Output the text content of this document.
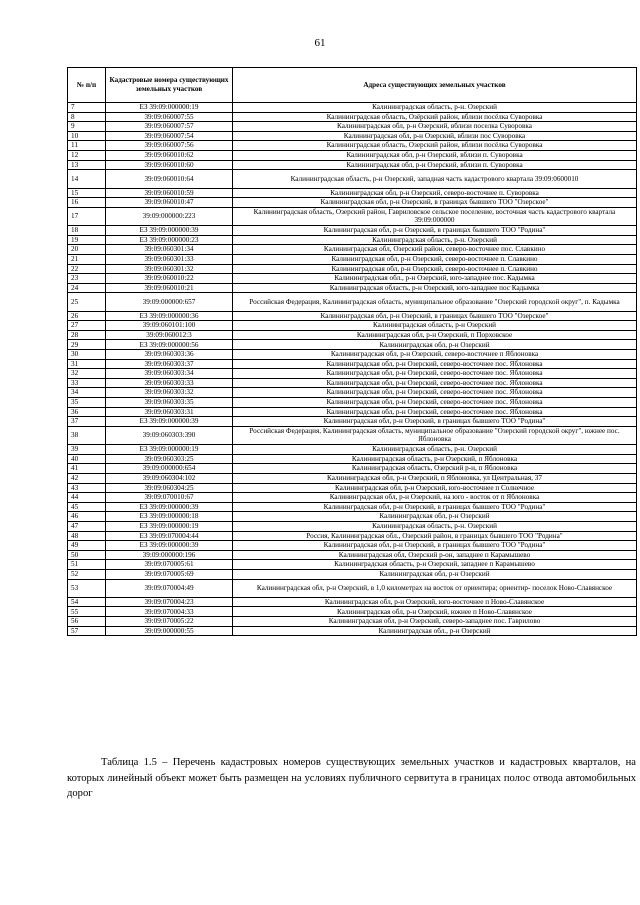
61
№ п/п	Кадастровые номера существующих земельных участков	Адреса существующих земельных участков
7	ЕЗ 39:09:000000:19	Калининградская область, р-н. Озерский
8	39:09:060007:55	Калининградская область, Озёрский район, вблизи посёлка Суворовка
9	39:09:060007:57	Калининградская обл, р-н Озерский, вблизи поселка Суворовка
10	39:09:060007:54	Калининградская обл, р-н Озерский, вблизи пос Суворовка
11	39:09:060007:56	Калининградская область, Озерский район, вблизи посёлка Суворовка
12	39:09:060010:62	Калининградская обл, р-н Озерский, вблизи п. Суворовка
13	39:09:060010:60	Калининградская обл, р-н Озерский, вблизи п. Суворовка
14	39:09:060010:64	Калининградская область, р-н Озерский, западная часть кадастрового квартала 39:09:0600010
15	39:09:060010:59	Калининградская обл, р-н Озерский, северо-восточнее п. Суворовка
16	39:09:060010:47	Калининградская обл, р-н Озерский, в границах бывшего ТОО "Озерское"
17	39:09:000000:223	Калининградская область, Озерский район, Гавриловское сельское поселение, восточная часть кадастрового квартала 39:09:000000
18	ЕЗ 39:09:000000:39	Калининградская обл, р-н Озерский, в границах бывшего ТОО "Родина"
19	ЕЗ 39:09:000000:23	Калининградская область, р-н. Озерский
20	39:09:060301:34	Калининградская обл, Озерский район, северо-восточнее пос. Славкино
21	39:09:060301:33	Калининградская обл, р-н Озерский, северо-восточнее п. Славкино
22	39:09:060301:32	Калининградская обл, р-н Озерский, северо-восточнее п. Славкино
23	39:09:060010:22	Калининградская обл., р-н Озерский, юго-западнее пос. Кадымка
24	39:09:060010:21	Калининградская область, р-н Озерский, юго-западнее пос Кадымка
25	39:09:000000:657	Российская Федерация, Калининградская область, муниципальное образование "Озерский городской округ", п. Кадымка
26	ЕЗ 39:09:000000:36	Калининградская обл, р-н Озерский, в границах бывшего ТОО "Озерское"
27	39:09:060101:100	Калининградская область, р-н Озерский
28	39:09:060012:3	Калининградская обл, р-н Озерский, п Порховское
29	ЕЗ 39:09:000000:56	Калининградская обл, р-н Озерский
30	39:09:060303:36	Калининградская обл, р-н Озерский, северо-восточнее п Яблоновка
31	39:09:060303:37	Калининградская обл, р-н Озерский, северо-восточнее пос. Яблоновка
32	39:09:060303:34	Калининградская обл, р-н Озерский, северо-восточнее пос. Яблоновка
33	39:09:060303:33	Калининградская обл, р-н Озерский, северо-восточнее пос. Яблоновка
34	39:09:060303:32	Калининградская обл, р-н Озерский, северо-восточнее пос. Яблоновка
35	39:09:060303:35	Калининградская обл, р-н Озерский, северо-восточнее пос. Яблоновка
36	39:09:060303:31	Калининградская обл, р-н Озерский, северо-восточнее пос. Яблоновка
37	ЕЗ 39:09:000000:39	Калининградская обл, р-н Озерский, в границах бывшего ТОО "Родина"
38	39:09:060303:390	Российская Федерация, Калининградская область, муниципальное образование "Озерский городской округ", южнее пос. Яблоновка
39	ЕЗ 39:09:000000:19	Калининградская область, р-н. Озерский
40	39:09:060303:25	Калининградская область, р-н Озерский, п Яблоновка
41	39:09:000000:654	Калининградская область, Озерский р-н, п Яблоновка
42	39:09:060304:102	Калининградская обл, р-н Озерский, п Яблоновка, ул Центральная, 37
43	39:09:060304:25	Калининградская обл, р-н Озерский, юго-восточнее п Солнечное
44	39:09:070010:67	Калининградская обл, р-н Озерский, на юго - восток от п Яблоновка
45	ЕЗ 39:09:000000:39	Калининградская обл, р-н Озерский, в границах бывшего ТОО "Родина"
46	ЕЗ 39:09:000000:18	Калининградская обл, р-н Озерский
47	ЕЗ 39:09:000000:19	Калининградская область, р-н. Озерский
48	ЕЗ 39:09:070004:44	Россия, Калининградская обл., Озерский район, в границах бывшего ТОО "Родина"
49	ЕЗ 39:09:000000:39	Калининградская обл, р-н Озерский, в границах бывшего ТОО "Родина"
50	39:09:000000:196	Калининградская обл, Озерский р-он, западнее п Карамышево
51	39:09:070005:61	Калининградская область, р-н Озерский, западнее п Карамышево
52	39:09:070005:69	Калининградская обл, р-н Озерский
53	39:09:070004:49	Калининградская обл, р-н Озерский, в 1,0 километрах на восток от ориентира; ориентир- поселок Ново-Славянское
54	39:09:070004:23	Калининградская обл, р-н Озерский, юго-восточнее п Ново-Славянское
55	39:09:070004:33	Калининградская обл, р-н Озерский, южнее п Ново-Славянское
56	39:09:070005:22	Калининградская обл, р-н Озерский, северо-западнее пос. Гаврилово
57	39:09:000000:55	Калининградская обл., р-н Озерский
Таблица 1.5 – Перечень кадастровых номеров существующих земельных участков и кадастровых кварталов, на которых линейный объект может быть размещен на условиях публичного сервитута в границах полос отвода автомобильных дорог
